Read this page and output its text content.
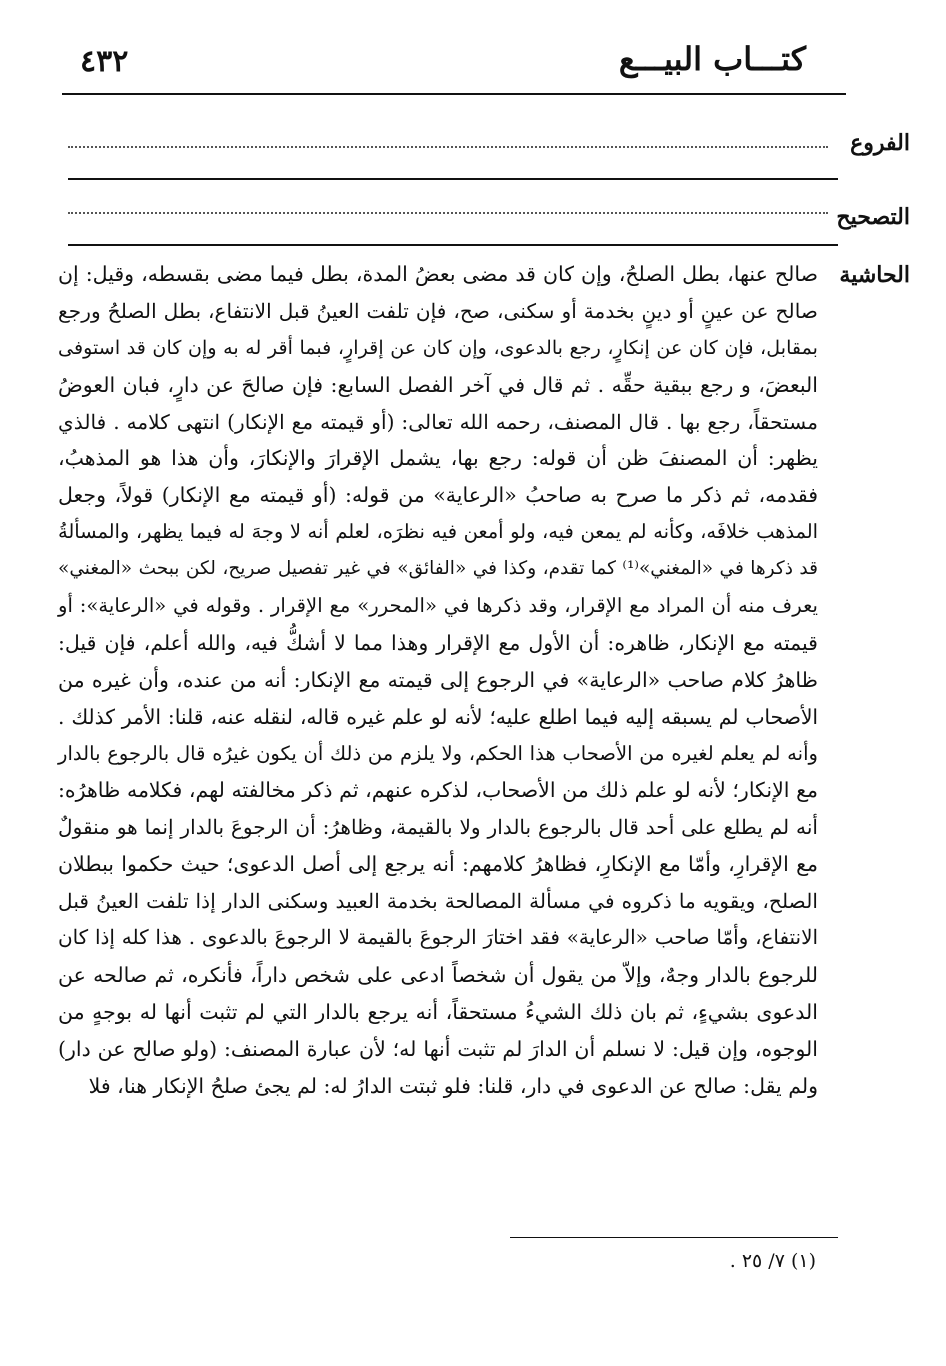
٤٣٢	كتـــاب البيـــع
الفروع
التصحيح
الحاشية
صالح عنها، بطل الصلحُ، وإن كان قد مضى بعضُ المدة، بطل فيما مضى بقسطه، وقيل: إن
صالح عن عينٍ أو دينٍ بخدمة أو سكنى، صح، فإن تلفت العينُ قبل الانتفاع، بطل الصلحُ ورجع
بمقابل، فإن كان عن إنكارٍ، رجع بالدعوى، وإن كان عن إقرارٍ، فبما أقر له به وإن كان قد استوفى
البعضَ، و رجع ببقية حقِّه . ثم قال في آخر الفصل السابع: فإن صالحَ عن دارٍ، فبان العوضُ
مستحقاً، رجع بها . قال المصنف، رحمه الله تعالى: (أو قيمته مع الإنكار) انتهى كلامه . فالذي
يظهر: أن المصنفَ ظن أن قوله: رجع بها، يشمل الإقرارَ والإنكارَ، وأن هذا هو المذهبُ،
فقدمه، ثم ذكر ما صرح به صاحبُ «الرعاية» من قوله: (أو قيمته مع الإنكار) قولاً، وجعل
المذهب خلافَه، وكأنه لم يمعن فيه، ولو أمعن فيه نظرَه، لعلم أنه لا وجهَ له فيما يظهر، والمسألةُ
قد ذكرها في «المغني»⁽¹⁾ كما تقدم، وكذا في «الفائق» في غير تفصيل صريح، لكن ببحث «المغني»
يعرف منه أن المراد مع الإقرار، وقد ذكرها في «المحرر» مع الإقرار . وقوله في «الرعاية»: أو
قيمته مع الإنكار، ظاهره: أن الأول مع الإقرار وهذا مما لا أشكُّ فيه، والله أعلم، فإن قيل:
ظاهرُ كلام صاحب «الرعاية» في الرجوع إلى قيمته مع الإنكار: أنه من عنده، وأن غيره من
الأصحاب لم يسبقه إليه فيما اطلع عليه؛ لأنه لو علم غيره قاله، لنقله عنه، قلنا: الأمر كذلك .
وأنه لم يعلم لغيره من الأصحاب هذا الحكم، ولا يلزم من ذلك أن يكون غيرُه قال بالرجوع بالدار
مع الإنكار؛ لأنه لو علم ذلك من الأصحاب، لذكره عنهم، ثم ذكر مخالفته لهم، فكلامه ظاهرُه:
أنه لم يطلع على أحد قال بالرجوع بالدار ولا بالقيمة، وظاهرُ: أن الرجوعَ بالدار إنما هو منقولٌ
مع الإقرارِ، وأمّا مع الإنكارِ، فظاهرُ كلامهم: أنه يرجع إلى أصل الدعوى؛ حيث حكموا ببطلان
الصلح، ويقويه ما ذكروه في مسألة المصالحة بخدمة العبيد وسكنى الدار إذا تلفت العينُ قبل
الانتفاع، وأمّا صاحب «الرعاية» فقد اختارَ الرجوعَ بالقيمة لا الرجوعَ بالدعوى . هذا كله إذا كان
للرجوع بالدار وجهٌ، وإلاّ من يقول أن شخصاً ادعى على شخص داراً، فأنكره، ثم صالحه عن
الدعوى بشيءٍ، ثم بان ذلك الشيءُ مستحقاً، أنه يرجع بالدار التي لم تثبت أنها له بوجهٍ من
الوجوه، وإن قيل: لا نسلم أن الدارَ لم تثبت أنها له؛ لأن عبارة المصنف: (ولو صالح عن دار)
ولم يقل: صالح عن الدعوى في دار، قلنا: فلو ثبتت الدارُ له: لم يجئ صلحُ الإنكار هنا، فلا
(١) ٧/ ٢٥ .
